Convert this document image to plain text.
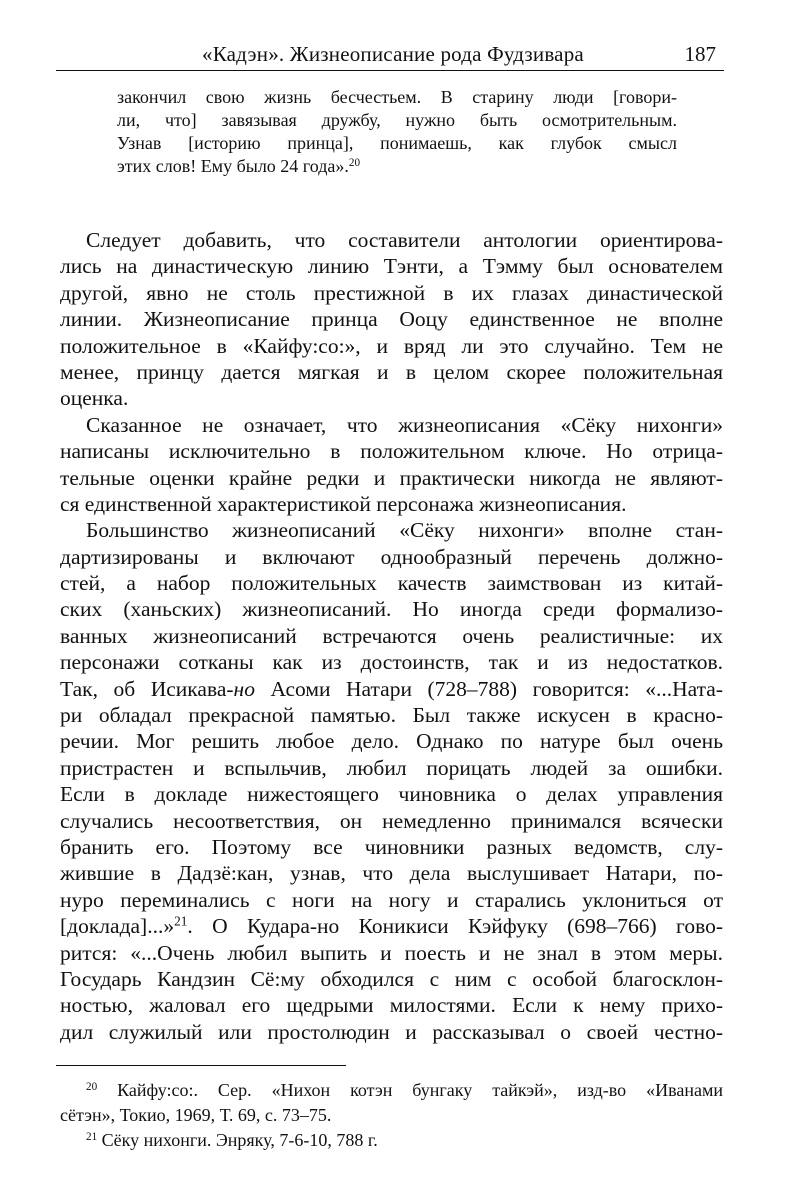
«Кадэн». Жизнеописание рода Фудзивара	187
закончил свою жизнь бесчестьем. В старину люди [говори-
ли, что] завязывая дружбу, нужно быть осмотрительным.
Узнав [историю принца], понимаешь, как глубок смысл
этих слов! Ему было 24 года».$^{20}$
Следует добавить, что составители антологии ориентирова-
лись на династическую линию Тэнти, а Тэмму был основателем
другой, явно не столь престижной в их глазах династической
линии. Жизнеописание принца Ооцу единственное не вполне
положительное в «Кайфу:со:», и вряд ли это случайно. Тем не
менее, принцу дается мягкая и в целом скорее положительная
оценка.
Сказанное не означает, что жизнеописания «Сёку нихонги»
написаны исключительно в положительном ключе. Но отрица-
тельные оценки крайне редки и практически никогда не являют-
ся единственной характеристикой персонажа жизнеописания.
Большинство жизнеописаний «Сёку нихонги» вполне стан-
дартизированы и включают однообразный перечень должно-
стей, а набор положительных качеств заимствован из китай-
ских (ханьских) жизнеописаний. Но иногда среди формализо-
ванных жизнеописаний встречаются очень реалистичные: их
персонажи сотканы как из достоинств, так и из недостатков.
Так, об Исикава-но Асоми Натари (728–788) говорится: «...Ната-
ри обладал прекрасной памятью. Был также искусен в красно-
речии. Мог решить любое дело. Однако по натуре был очень
пристрастен и вспыльчив, любил порицать людей за ошибки.
Если в докладе нижестоящего чиновника о делах управления
случались несоответствия, он немедленно принимался всячески
бранить его. Поэтому все чиновники разных ведомств, слу-
жившие в Дадзё:кан, узнав, что дела выслушивает Натари, по-
нуро переминались с ноги на ногу и старались уклониться от
[доклада]...»$^{21}$. О Кудара-но Коникиси Кэйфуку (698–766) гово-
рится: «...Очень любил выпить и поесть и не знал в этом меры.
Государь Кандзин Сё:му обходился с ним с особой благосклон-
ностью, жаловал его щедрыми милостями. Если к нему прихо-
дил служилый или простолюдин и рассказывал о своей честно-
$^{20}$ Кайфу:со:. Сер. «Нихон котэн бунгаку тайкэй», изд-во «Иванами
сётэн», Токио, 1969, Т. 69, с. 73–75.
$^{21}$ Сёку нихонги. Энряку, 7-6-10, 788 г.
